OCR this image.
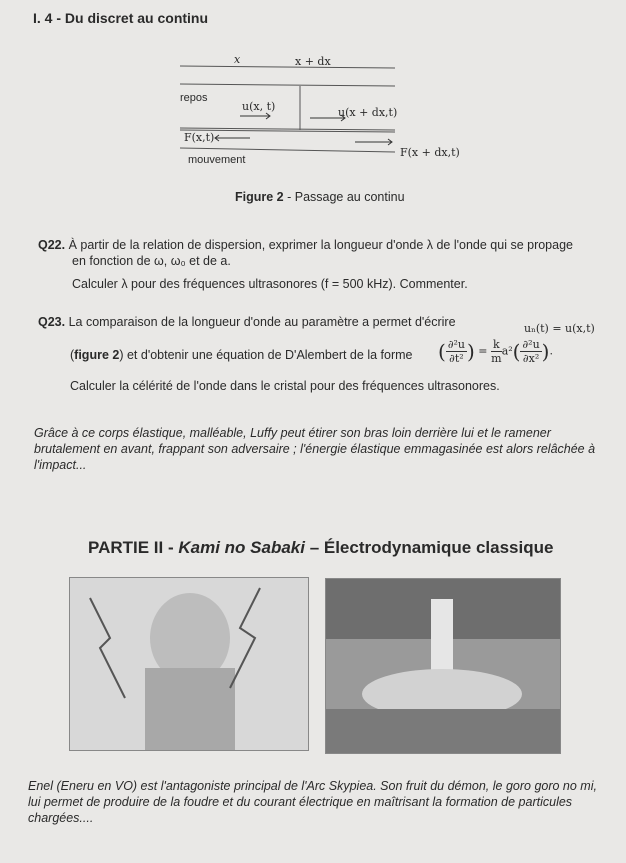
I. 4 - Du discret au continu
x	x + dx
repos
u(x, t)	u(x + dx,t)
F(x,t)
F(x + dx,t)
mouvement
Figure 2 - Passage au continu
Q22. À partir de la relation de dispersion, exprimer la longueur d'onde λ de l'onde qui se propage
en fonction de ω, ω₀ et de a.
Calculer λ pour des fréquences ultrasonores (f = 500 kHz). Commenter.
Q23. La comparaison de la longueur d'onde au paramètre a permet d'écrire	uₙ(t) = u(x,t)
(figure 2) et d'obtenir une équation de D'Alembert de la forme ( $\frac{\text{∂²u}}{\text{∂t²}}$ ) = $\frac{k}{m} a^2( \frac{\text{∂²u}}{\text{∂x²}}$ ).
Calculer la célérité de l'onde dans le cristal pour des fréquences ultrasonores.
Grâce à ce corps élastique, malléable, Luffy peut étirer son bras loin derrière lui et le ramener brutalement en avant, frappant son adversaire ; l'énergie élastique emmagasinée est alors relâchée à l'impact...
PARTIE II - Kami no Sabaki – Électrodynamique classique
Enel (Eneru en VO) est l'antagoniste principal de l'Arc Skypiea. Son fruit du démon, le goro goro no mi, lui permet de produire de la foudre et du courant électrique en maîtrisant la formation de particules chargées....
